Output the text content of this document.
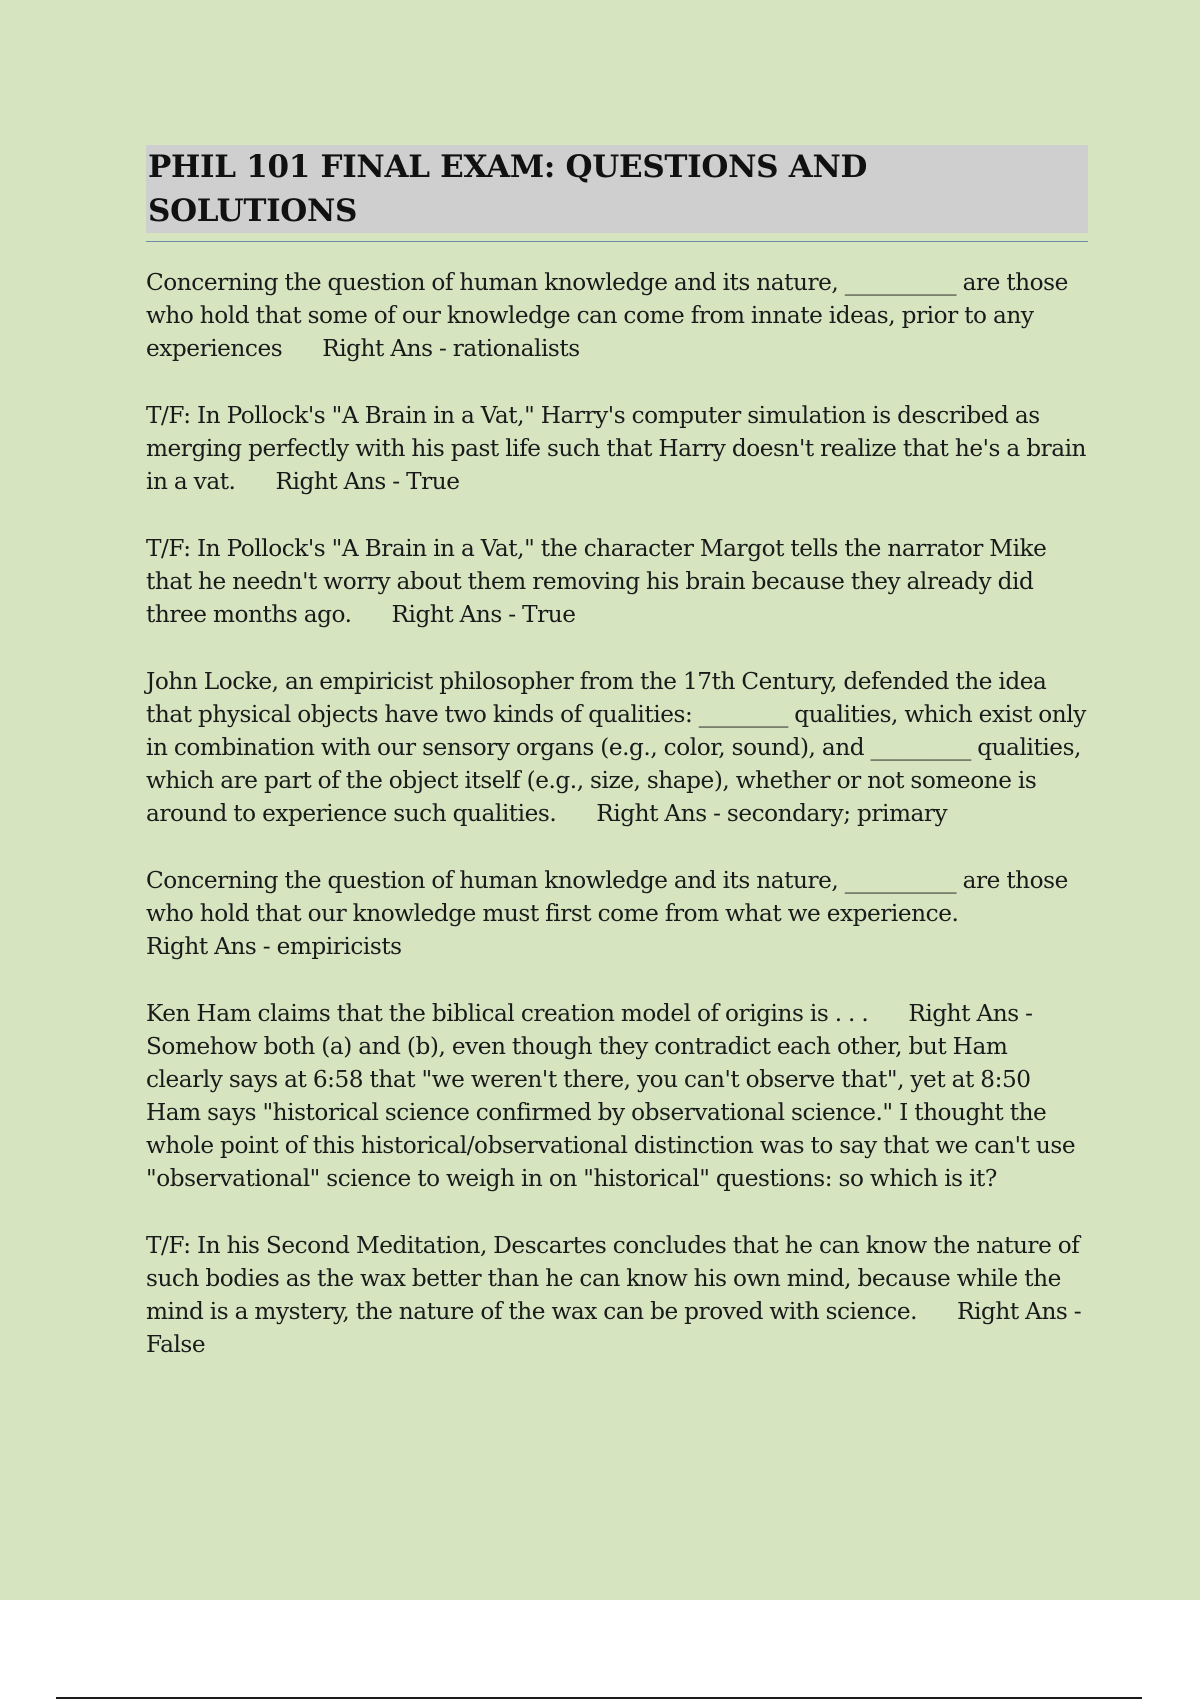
PHIL 101 FINAL EXAM: QUESTIONS AND SOLUTIONS

Concerning the question of human knowledge and its nature, __________ are those who hold that some of our knowledge can come from innate ideas, prior to any experiences Right Ans - rationalists

T/F: In Pollock's "A Brain in a Vat," Harry's computer simulation is described as merging perfectly with his past life such that Harry doesn't realize that he's a brain in a vat. Right Ans - True

T/F: In Pollock's "A Brain in a Vat," the character Margot tells the narrator Mike that he needn't worry about them removing his brain because they already did three months ago. Right Ans - True

John Locke, an empiricist philosopher from the 17th Century, defended the idea that physical objects have two kinds of qualities: ________ qualities, which exist only in combination with our sensory organs (e.g., color, sound), and _________ qualities, which are part of the object itself (e.g., size, shape), whether or not someone is around to experience such qualities. Right Ans - secondary; primary

Concerning the question of human knowledge and its nature, __________ are those who hold that our knowledge must first come from what we experience.
Right Ans - empiricists

Ken Ham claims that the biblical creation model of origins is . . . Right Ans - Somehow both (a) and (b), even though they contradict each other, but Ham clearly says at 6:58 that "we weren't there, you can't observe that", yet at 8:50 Ham says "historical science confirmed by observational science." I thought the whole point of this historical/observational distinction was to say that we can't use "observational" science to weigh in on "historical" questions: so which is it?

T/F: In his Second Meditation, Descartes concludes that he can know the nature of such bodies as the wax better than he can know his own mind, because while the mind is a mystery, the nature of the wax can be proved with science. Right Ans - False
